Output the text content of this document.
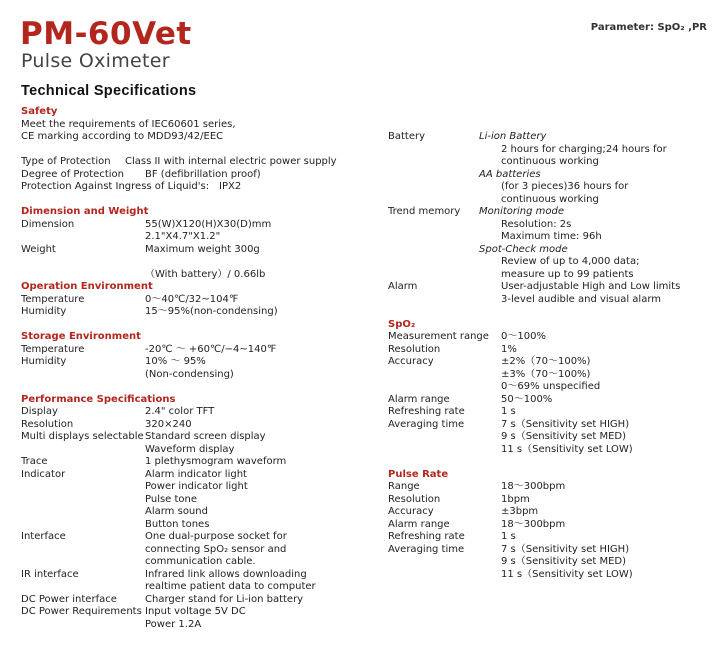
PM-60Vet
Pulse Oximeter
Parameter: SpO₂ ,PR
Technical Specifications
Safety
Meet the requirements of IEC60601 series,
CE marking according to MDD93/42/EEC
Type of Protection Class II with internal electric power supply
Degree of Protection BF (defibrillation proof)
Protection Against Ingress of Liquid's: IPX2
Dimension and Weight
Dimension	55(W)X120(H)X30(D)mm
2.1"X4.7"X1.2"
Weight	Maximum weight 300g
（With battery）/ 0.66lb
Operation Environment
Temperature	0～40℃/32~104℉
Humidity	15～95%(non-condensing)
Storage Environment
Temperature	-20℃ ～ +60℃/−4~140℉
Humidity	10% ～ 95%
(Non-condensing)
Performance Specifications
Display	2.4" color TFT
Resolution	320×240
Multi displays selectable Standard screen display
Waveform display
Trace	1 plethysmogram waveform
Indicator	Alarm indicator light
Power indicator light
Pulse tone
Alarm sound
Button tones
Interface	One dual-purpose socket for
connecting SpO₂ sensor and
communication cable.
IR interface	Infrared link allows downloading
realtime patient data to computer
DC Power interface	Charger stand for Li-ion battery
DC Power Requirements Input voltage 5V DC
Power 1.2A
Battery	Li-ion Battery
2 hours for charging;24 hours for
continuous working
AA batteries
(for 3 pieces)36 hours for
continuous working
Trend memory Monitoring mode
Resolution: 2s
Maximum time: 96h
Spot-Check mode
Review of up to 4,000 data;
measure up to 99 patients
Alarm	User-adjustable High and Low limits
3-level audible and visual alarm
SpO₂
Measurement range 0～100%
Resolution	1%
Accuracy	±2%（70～100%)
±3%（70～100%)
0～69% unspecified
Alarm range	50～100%
Refreshing rate	1 s
Averaging time	7 s（Sensitivity set HIGH)
9 s（Sensitivity set MED)
11 s（Sensitivity set LOW)
Pulse Rate
Range	18～300bpm
Resolution	1bpm
Accuracy	±3bpm
Alarm range	18～300bpm
Refreshing rate	1 s
Averaging time	7 s（Sensitivity set HIGH)
9 s（Sensitivity set MED)
11 s（Sensitivity set LOW)
